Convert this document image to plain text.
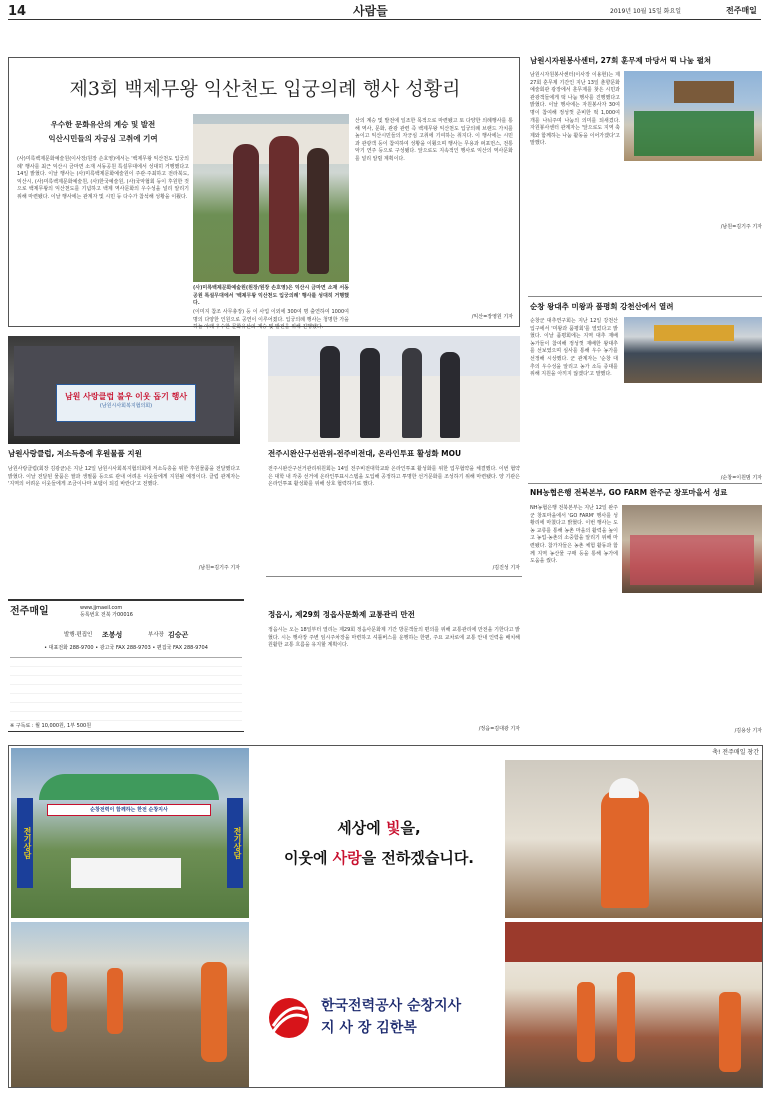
14	사람들	2019년 10월 15일 화요일	전주매일
제3회 백제무왕 익산천도 입궁의례 행사 성황리
우수한 문화유산의 계승 및 발전
익산시민들의 자긍심 고취에 기여
(사)미륵백제문화예술원(이사장/원장 손호영)에서는 '백제무왕 익산천도 입궁의례' 행사를 최근 익산시 금마면 소재 서동공원 특설무대에서 성대히 거행했다고 14일 밝혔다. 이날 행사는 (사)미륵백제문화예술원이 주관·주최하고 전라북도, 익산시, (사)미륵백제문화예술원, (사)한국예술원, (사)국악협회 등이 후원한 것으로 백제무왕의 익산천도를 기념하고 백제 역사문화의 우수성을 널리 알리기 위해 마련됐다. 이날 행사에는 관계자 및 시민 등 다수가 참석해 성황을 이뤘다.
(사)미륵백제문화예술원(원장/원장 손호영)은 익산시 금마면 소재 서동공원 특설무대에서 '백제무왕 익산천도 입궁의례' 행사를 성대히 거행했다.
(이미지 참조 사무총장) 등 이 사업 이외에 300여 명 출연하여 1000여명의 다양한 인원으로 공연이 이루어졌다. 입궁의례 행사는 청명한 가을 하늘 아래 우수한 문화유산의 계승 및 발전을 위해 진행됐다.
산의 계승 및 발전에 일조한 목적으로 마련됐고 또 다양한 의례행사를 통해 역사, 문화, 관광 관련 즉 백제무왕 익산천도 입궁의례 브랜드 가치를 높이고 익산시민들의 자긍심 고취에 기여하는 취지다. 이 행사에는 시민과 관광객 등이 참여하여 성황을 이뤘으며 행사는 무용과 퍼포먼스, 전통 악기 연주 등으로 구성됐다. 앞으로도 지속적인 행사로 익산의 역사문화를 널리 알릴 계획이다.
/익산=장영원 기자
남원시자원봉사센터, 27회 훈무제 마당서 떡 나눔 펼쳐
남원시자원봉사센터(이사장 이용현)는 제27회 훈무제 기간인 지난 13일 춘향문화예술회관 광장에서 훈무제를 찾은 시민과 관광객들에게 떡 나눔 행사를 진행했다고 밝혔다. 이날 행사에는 자원봉사자 30여명이 참여해 정성껏 준비한 떡 1,000여 개를 나눠주며 나눔의 의미를 되새겼다. 자원봉사센터 관계자는 '앞으로도 지역 축제와 함께하는 나눔 활동을 이어가겠다'고 말했다.
/남원=김기주 기자
순창 왕대추 미왕과 품평회 강천산에서 열려
순창군 대추연구회는 지난 12일 강천산 입구에서 '미왕과 품평회'를 열었다고 밝혔다. 이날 품평회에는 지역 대추 재배 농가들이 참여해 정성껏 재배한 왕대추를 선보였으며 심사를 통해 우수 농가를 선정해 시상했다. 군 관계자는 '순창 대추의 우수성을 알리고 농가 소득 증대를 위해 지원을 아끼지 않겠다'고 말했다.
/순창=이원범 기자
NH농협은행 전북본부, GO FARM 완주군 창포마을서 성료
NH농협은행 전북본부는 지난 12일 완주군 창포마을에서 'GO FARM' 행사를 성황리에 마쳤다고 밝혔다. 이번 행사는 도농 교류를 통해 농촌 마을의 활력을 높이고 농업·농촌의 소중함을 알리기 위해 마련됐다. 참가자들은 농촌 체험 활동과 함께 지역 농산물 구매 등을 통해 농가에 도움을 줬다.
/김용상 기자
남원 사랑클럽 불우 이웃 돕기 행사
(남원시사회복지협의회)
남원사랑클럽, 저소득층에 후원물품 지원
남원사랑클럽(회장 김광균)은 지난 12일 남원시사회복지협의회에 저소득층을 위한 후원물품을 전달했다고 밝혔다. 이날 전달된 물품은 쌀과 생필품 등으로 관내 어려운 이웃들에게 지원될 예정이다. 클럽 관계자는 '지역의 어려운 이웃들에게 조금이나마 보탬이 되길 바란다'고 전했다.
/남원=김기주 기자
전주시완산구선관위-전주비전대, 온라인투표 활성화 MOU
전주시완산구선거관리위원회는 14일 전주비전대학교와 온라인투표 활성화를 위한 업무협약을 체결했다. 이번 협약은 대학 내 각종 선거에 온라인투표시스템을 도입해 공정하고 투명한 선거문화를 조성하기 위해 마련됐다. 양 기관은 온라인투표 활성화를 위해 상호 협력하기로 했다.
/김진성 기자
정읍시, 제29회 정읍사문화제 교통관리 만전
정읍시는 오는 18일부터 열리는 제29회 정읍사문화제 기간 방문객들의 편의를 위해 교통관리에 만전을 기한다고 밝혔다. 시는 행사장 주변 임시주차장을 마련하고 셔틀버스를 운행하는 한편, 주요 교차로에 교통 안내 인력을 배치해 원활한 교통 흐름을 유지할 계획이다.
/정읍=김대광 기자
전주매일	www.jjmaeil.com
등록번호 전북 가00016
발행·편집인 조봉성	부사장 김승곤
• 대표전화 288-9700 • 광고국 FAX 288-9703 • 편집국 FAX 288-9704
※ 구독료 : 월 10,000원, 1부 500원
순창전력이 함께하는 한전 순창지사
전기상담	전기상담	세상에 빛을,
이웃에 사랑을 전하겠습니다.
한국전력공사 순창지사
지 사 장 김한복
축! 전주매일 창간
